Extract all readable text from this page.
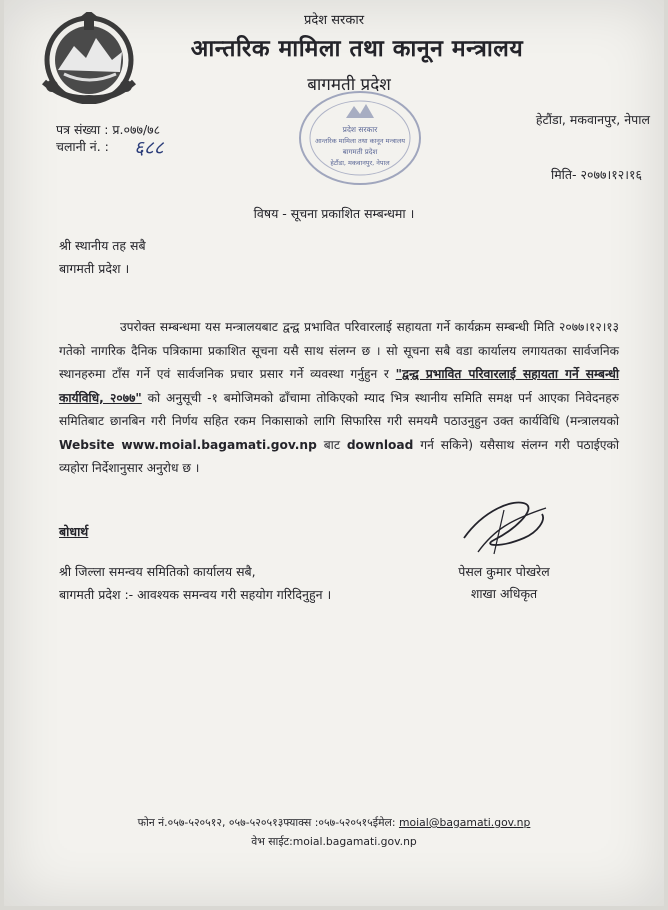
प्रदेश सरकार

आन्तरिक मामिला तथा कानून मन्त्रालय

बागमती प्रदेश

प्रदेश सरकार
आन्तरिक मामिला तथा कानून मन्त्रालय
बागमती प्रदेश
हेटौंडा, मकवानपुर, नेपाल

पत्र संख्या : प्र.०७७/७८

चलानी नं. : ६८८

हेटौंडा, मकवानपुर, नेपाल

मिति- २०७७।१२।१६

विषय - सूचना प्रकाशित सम्बन्धमा ।

श्री स्थानीय तह सबै

बागमती प्रदेश ।

     उपरोक्त सम्बन्धमा यस मन्त्रालयबाट द्वन्द्व प्रभावित परिवारलाई सहायता गर्ने कार्यक्रम सम्बन्धी मिति २०७७।१२।१३ गतेको नागरिक दैनिक पत्रिकामा प्रकाशित सूचना यसै साथ संलग्न छ । सो सूचना सबै वडा कार्यालय लगायतका सार्वजनिक स्थानहरुमा टाँस गर्ने एवं सार्वजनिक प्रचार प्रसार गर्ने व्यवस्था गर्नुहुन र "द्वन्द्व प्रभावित परिवारलाई सहायता गर्ने सम्बन्धी कार्यविधि, २०७७" को अनुसूची -१ बमोजिमको ढाँचामा तोकिएको म्याद भित्र स्थानीय समिति समक्ष पर्न आएका निवेदनहरु समितिबाट छानबिन गरी निर्णय सहित रकम निकासाको लागि सिफारिस गरी समयमै पठाउनुहुन उक्त कार्यविधि (मन्त्रालयको Website www.moial.bagamati.gov.np बाट download गर्न सकिने) यसैसाथ संलग्न गरी पठाईएको व्यहोरा निर्देशानुसार अनुरोध छ ।

बोधार्थ

श्री जिल्ला समन्वय समितिको कार्यालय सबै,

बागमती प्रदेश :- आवश्यक समन्वय गरी सहयोग गरिदिनुहुन ।

पेसल कुमार पोखरेल

शाखा अधिकृत

फोन नं.०५७-५२०५१२, ०५७-५२०५१३फ्याक्स :०५७-५२०५१५ईमेल: moial@bagamati.gov.np

वेभ साईट:moial.bagamati.gov.np
